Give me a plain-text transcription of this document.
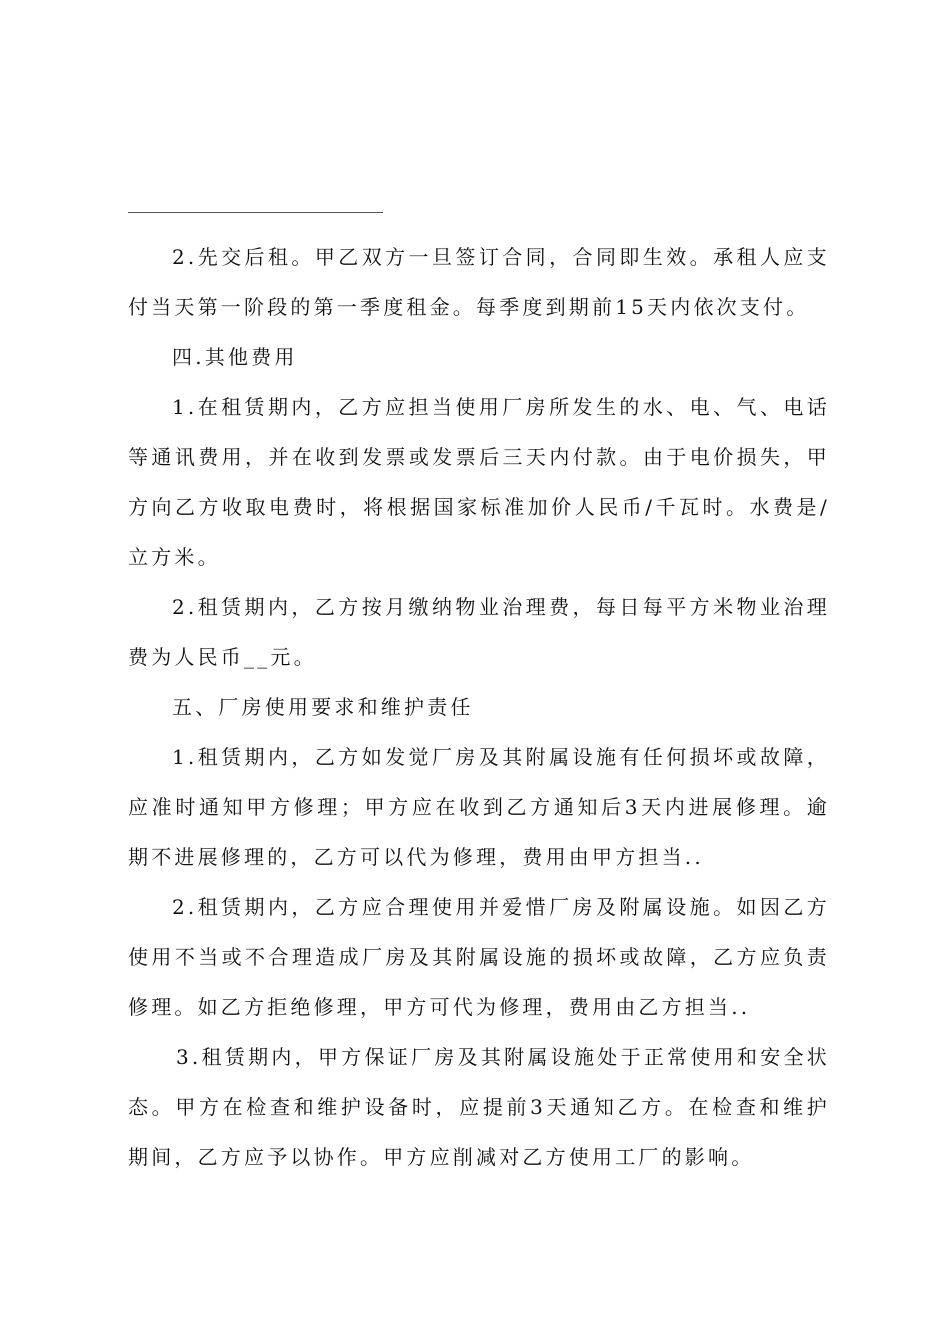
2.先交后租。甲乙双方一旦签订合同，合同即生效。承租人应支付当天第一阶段的第一季度租金。每季度到期前15天内依次支付。

四.其他费用

1.在租赁期内，乙方应担当使用厂房所发生的水、电、气、电话等通讯费用，并在收到发票或发票后三天内付款。由于电价损失，甲方向乙方收取电费时，将根据国家标准加价人民币/千瓦时。水费是/立方米。

2.租赁期内，乙方按月缴纳物业治理费，每日每平方米物业治理费为人民币__元。

五、厂房使用要求和维护责任

1.租赁期内，乙方如发觉厂房及其附属设施有任何损坏或故障，应准时通知甲方修理；甲方应在收到乙方通知后3天内进展修理。逾期不进展修理的，乙方可以代为修理，费用由甲方担当..

2.租赁期内，乙方应合理使用并爱惜厂房及附属设施。如因乙方使用不当或不合理造成厂房及其附属设施的损坏或故障，乙方应负责修理。如乙方拒绝修理，甲方可代为修理，费用由乙方担当..

3.租赁期内，甲方保证厂房及其附属设施处于正常使用和安全状态。甲方在检查和维护设备时，应提前3天通知乙方。在检查和维护期间，乙方应予以协作。甲方应削减对乙方使用工厂的影响。
